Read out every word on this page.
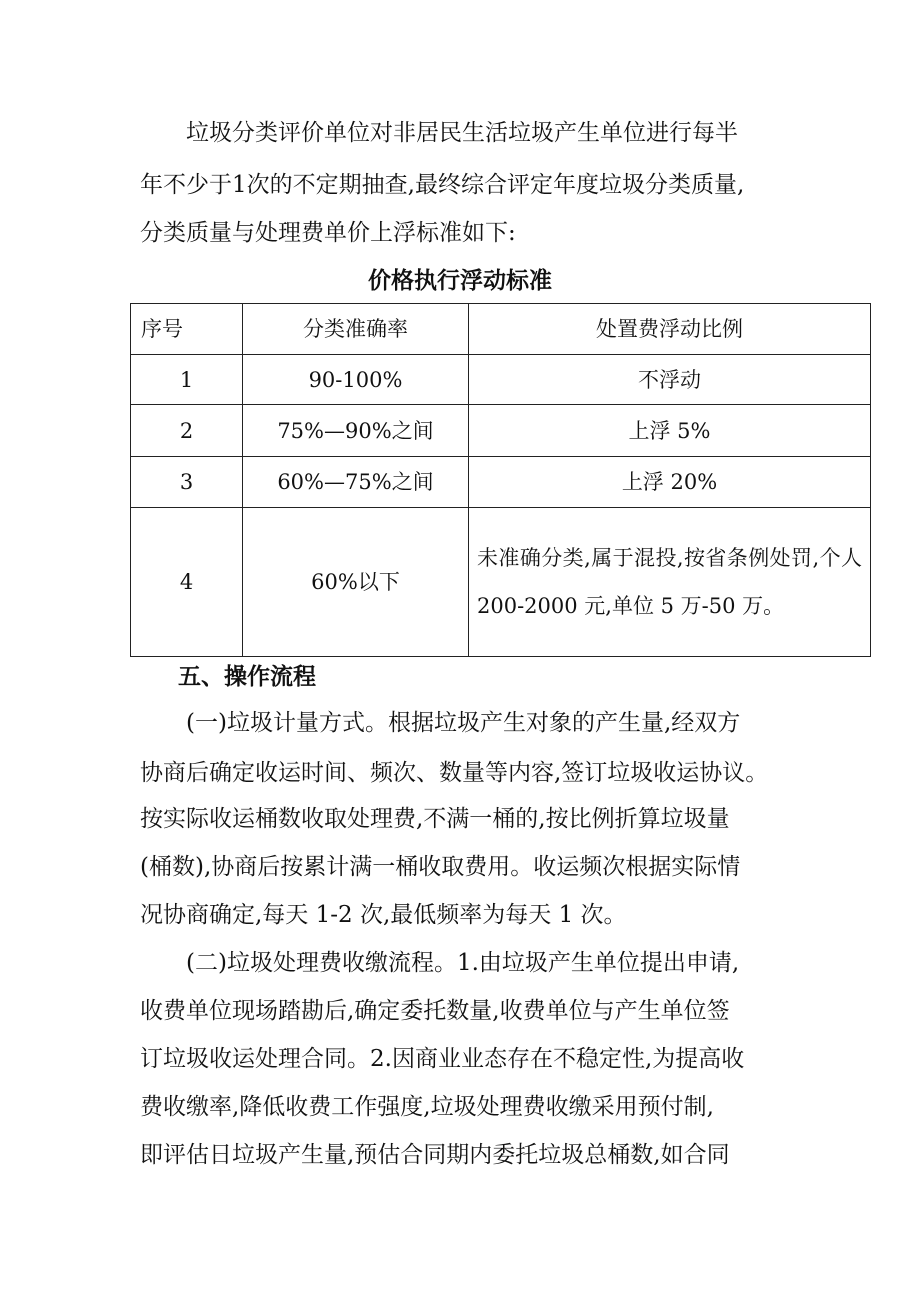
垃圾分类评价单位对非居民生活垃圾产生单位进行每半
年不少于1次的不定期抽查,最终综合评定年度垃圾分类质量,
分类质量与处理费单价上浮标准如下:
价格执行浮动标准
序号	分类准确率	处置费浮动比例
1	90-100%	不浮动
2	75%—90%之间	上浮 5%
3	60%—75%之间	上浮 20%
4	60%以下	未准确分类,属于混投,按省条例处罚,个人 200-2000 元,单位 5 万-50 万。
五、操作流程
(一)垃圾计量方式。根据垃圾产生对象的产生量,经双方
协商后确定收运时间、频次、数量等内容,签订垃圾收运协议。
按实际收运桶数收取处理费,不满一桶的,按比例折算垃圾量
(桶数),协商后按累计满一桶收取费用。收运频次根据实际情
况协商确定,每天 1-2 次,最低频率为每天 1 次。
(二)垃圾处理费收缴流程。1.由垃圾产生单位提出申请,
收费单位现场踏勘后,确定委托数量,收费单位与产生单位签
订垃圾收运处理合同。2.因商业业态存在不稳定性,为提高收
费收缴率,降低收费工作强度,垃圾处理费收缴采用预付制,
即评估日垃圾产生量,预估合同期内委托垃圾总桶数,如合同
